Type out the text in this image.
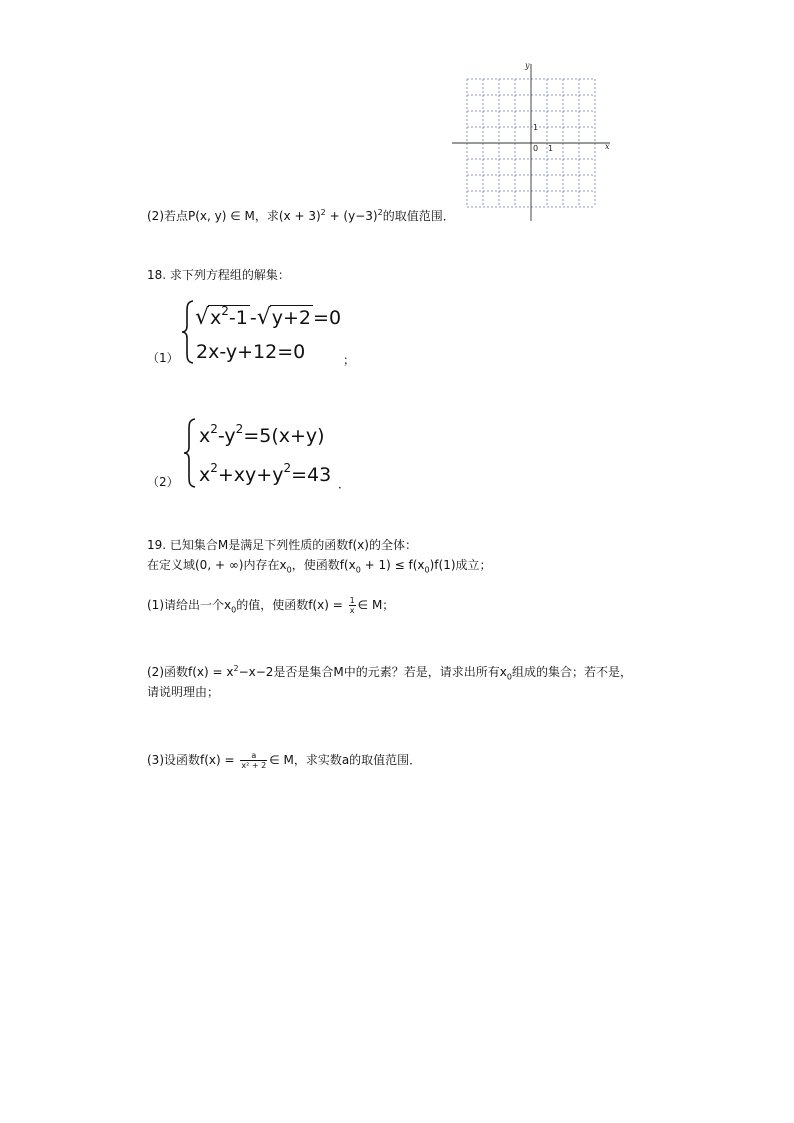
y
x
0 1
1
(2)若点P(x, y) ∈ M，求$(x + 3)^2 + (y-3)^2$的取值范围．
18. 求下列方程组的解集：
（1）
$√x^2-1$ -√y+2 =0
2x-y+12=0	；
（2）
$x^2-y^2=5(x+y)$
$x^2+xy+y^2=43$ ．
19. 已知集合M是满足下列性质的函数f(x)的全体：
在定义域(0, + ∞)内存在$x_0$，使函数$f(x_0 + 1) \le f(x_0)f(1)$成立；
(1)请给出一个$x_0$的值，使函数$f(x) = \frac{1}{x}$ ∈ M；
(2)函数$f(x) = x^2-x-2$是否是集合M中的元素？若是，请求出所有$x_0$组成的集合；若不是，
请说明理由；
(3)设函数$f(x) = \frac{a}{\text{x² + 2}}$ ∈ M，求实数a的取值范围．
